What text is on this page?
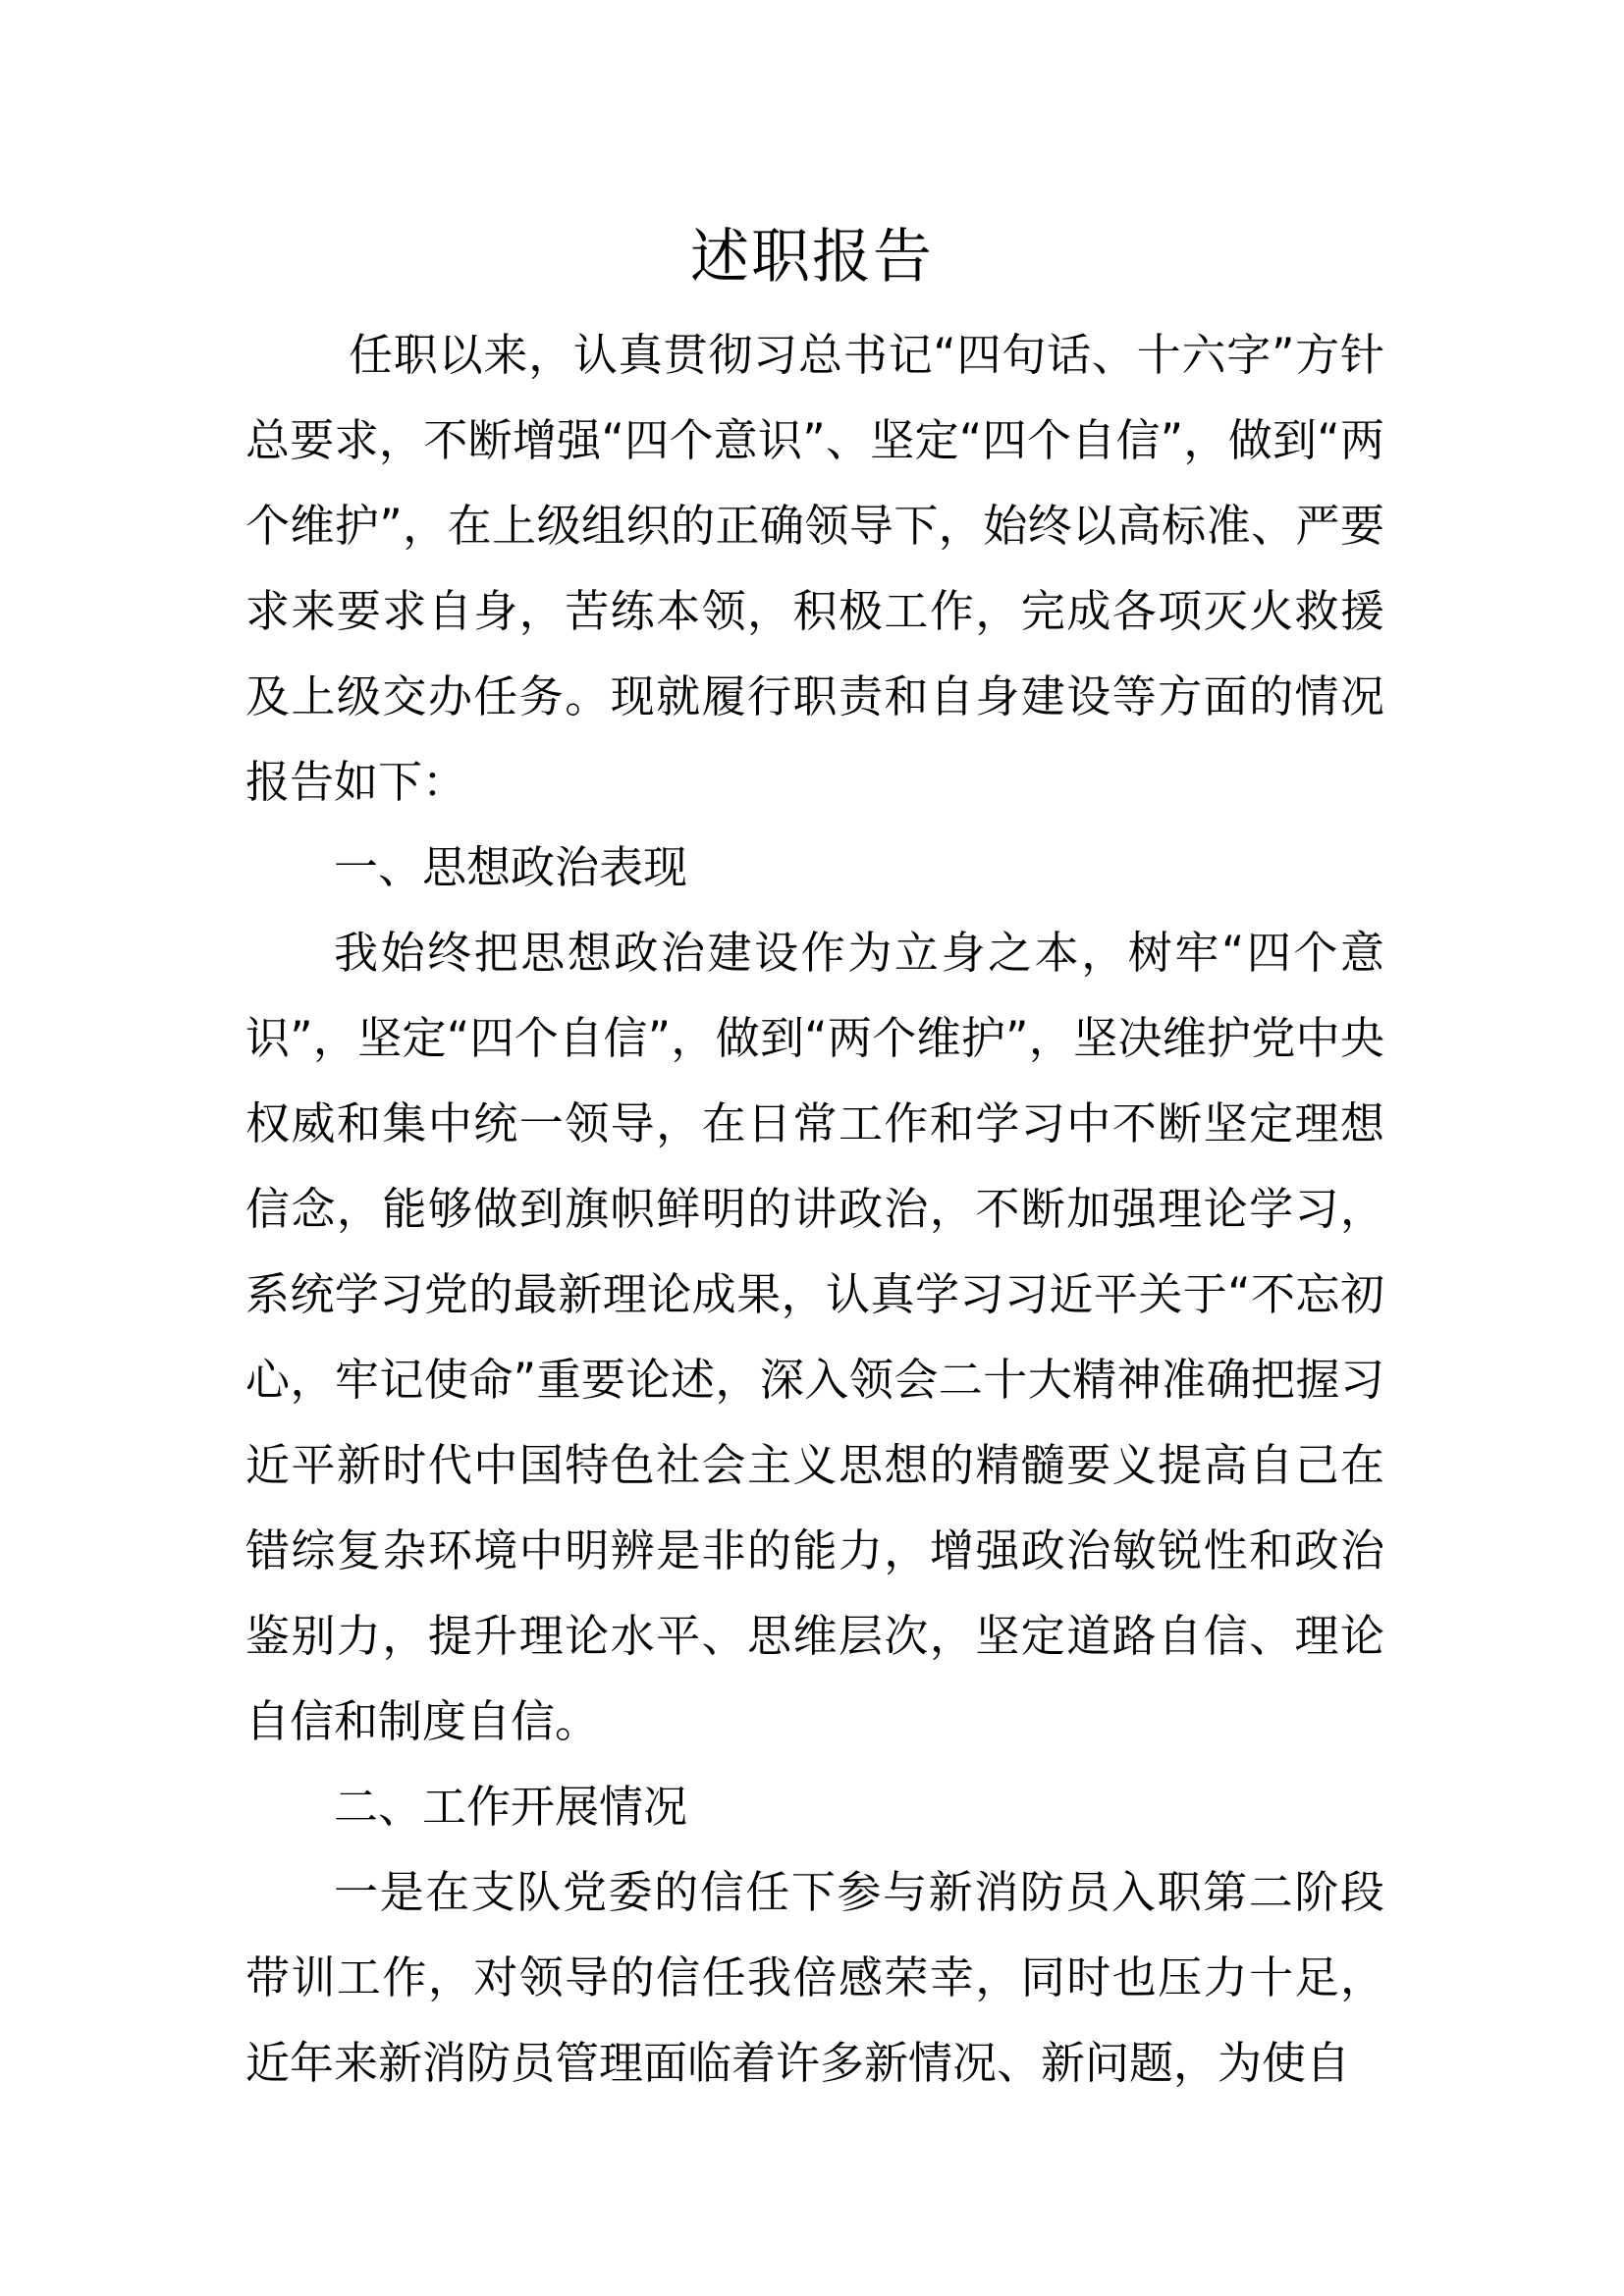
述职报告

任职以来，认真贯彻习总书记“四句话、十六字”方针总要求，不断增强“四个意识”、坚定“四个自信”，做到“两个维护”，在上级组织的正确领导下，始终以高标准、严要求来要求自身，苦练本领，积极工作，完成各项灭火救援及上级交办任务。现就履行职责和自身建设等方面的情况报告如下：

一、思想政治表现

我始终把思想政治建设作为立身之本，树牢“四个意识”，坚定“四个自信”，做到“两个维护”，坚决维护党中央权威和集中统一领导，在日常工作和学习中不断坚定理想信念，能够做到旗帜鲜明的讲政治，不断加强理论学习，系统学习党的最新理论成果，认真学习习近平关于“不忘初心，牢记使命”重要论述，深入领会二十大精神准确把握习近平新时代中国特色社会主义思想的精髓要义提高自己在错综复杂环境中明辨是非的能力，增强政治敏锐性和政治鉴别力，提升理论水平、思维层次，坚定道路自信、理论自信和制度自信。

二、工作开展情况

一是在支队党委的信任下参与新消防员入职第二阶段带训工作，对领导的信任我倍感荣幸，同时也压力十足，近年来新消防员管理面临着许多新情况、新问题，为使自
